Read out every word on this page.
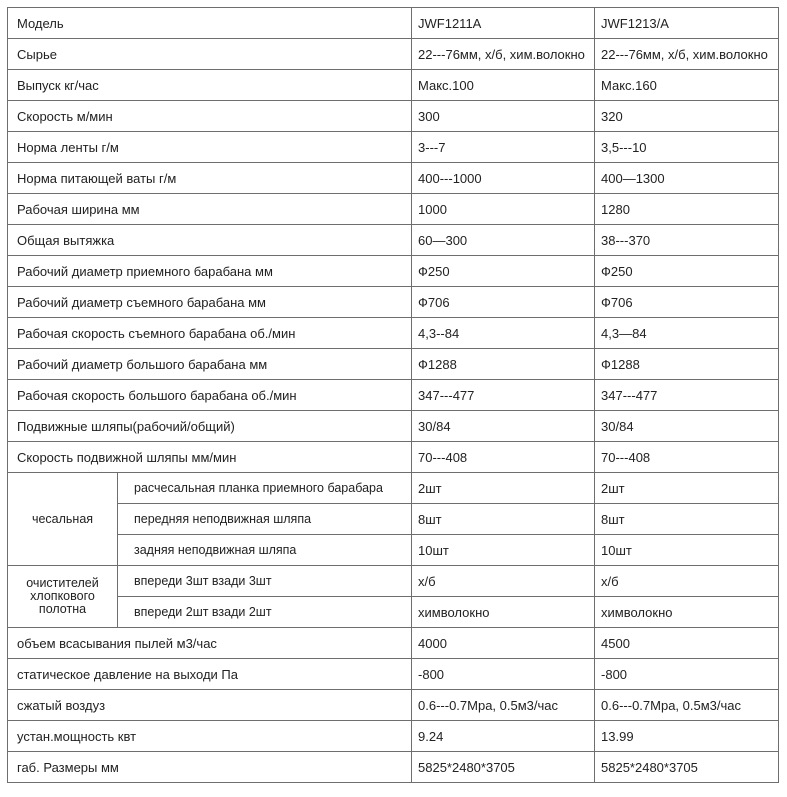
Модель		JWF1211A	JWF1213/A
Сырье		22---76мм, х/б, хим.волокно	22---76мм, х/б, хим.волокно
Выпуск кг/час		Макс.100	Макс.160
Скорость м/мин		300	320
Норма ленты г/м		3---7	3,5---10
Норма питающей ваты г/м		400---1000	400—1300
Рабочая ширина мм		1000	1280
Общая вытяжка		60—300	38---370
Рабочий диаметр приемного барабана мм		Ф250	Ф250
Рабочий диаметр съемного барабана мм		Ф706	Ф706
Рабочая скорость съемного барабана об./мин		4,3--84	4,3—84
Рабочий диаметр большого барабана мм		Ф1288	Ф1288
Рабочая скорость большого барабана об./мин		347---477	347---477
Подвижные шляпы(рабочий/общий)		30/84	30/84
Скорость подвижной шляпы мм/мин		70---408	70---408
чесальная	расчесальная планка приемного барабара	2шт	2шт
	передняя неподвижная шляпа	8шт	8шт
	задняя неподвижная шляпа	10шт	10шт
очистителей хлопкового полотна	впереди 3шт взади 3шт	х/б	х/б
	впереди 2шт взади 2шт	химволокно	химволокно
объем всасывания пылей м3/час		4000	4500
статическое давление на выходи Па		-800	-800
сжатый воздуз		0.6---0.7Mpa, 0.5м3/час	0.6---0.7Mpa, 0.5м3/час
устан.мощность квт		9.24	13.99
габ. Размеры мм		5825*2480*3705	5825*2480*3705
